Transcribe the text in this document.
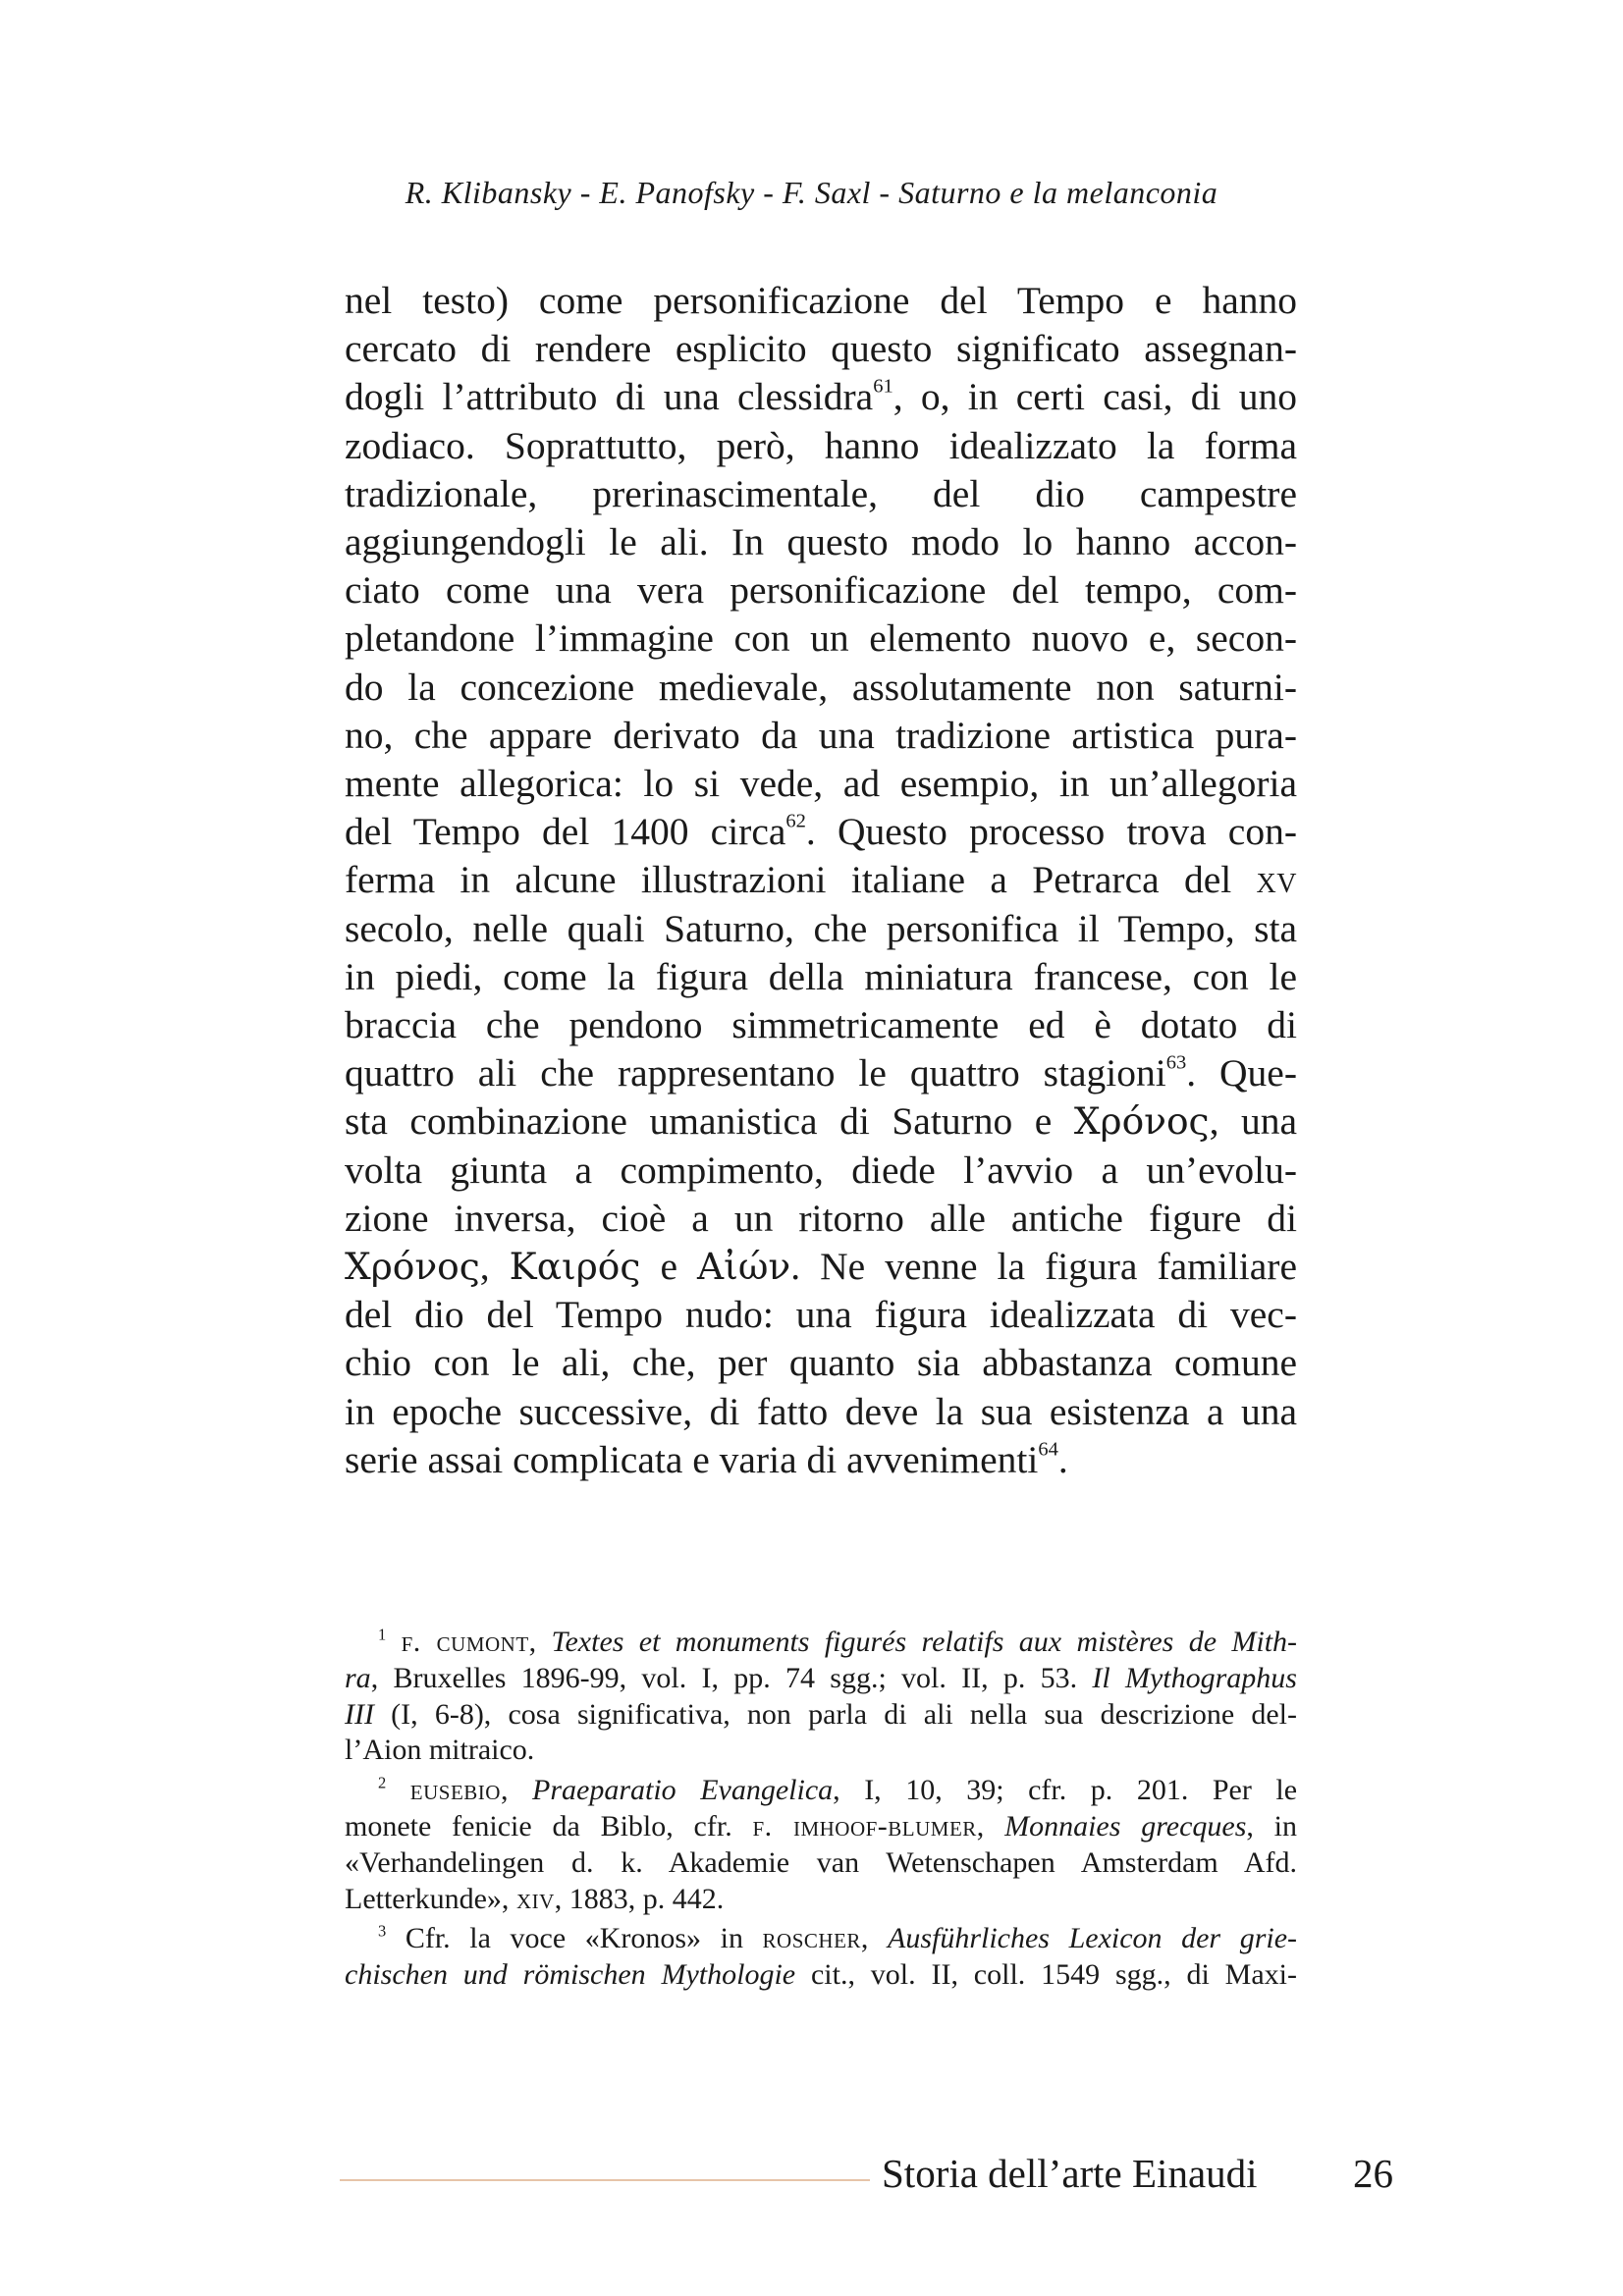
R. Klibansky - E. Panofsky - F. Saxl - Saturno e la melanconia
nel testo) come personificazione del Tempo e hanno
cercato di rendere esplicito questo significato assegnan-
dogli l’attributo di una clessidra$^{61}$, o, in certi casi, di uno
zodiaco. Soprattutto, però, hanno idealizzato la forma
tradizionale, prerinascimentale, del dio campestre
aggiungendogli le ali. In questo modo lo hanno accon-
ciato come una vera personificazione del tempo, com-
pletandone l’immagine con un elemento nuovo e, secon-
do la concezione medievale, assolutamente non saturni-
no, che appare derivato da una tradizione artistica pura-
mente allegorica: lo si vede, ad esempio, in un’allegoria
del Tempo del 1400 circa$^{62}$. Questo processo trova con-
ferma in alcune illustrazioni italiane a Petrarca del xv
secolo, nelle quali Saturno, che personifica il Tempo, sta
in piedi, come la figura della miniatura francese, con le
braccia che pendono simmetricamente ed è dotato di
quattro ali che rappresentano le quattro stagioni$^{63}$. Que-
sta combinazione umanistica di Saturno e Χρόνος, una
volta giunta a compimento, diede l’avvio a un’evolu-
zione inversa, cioè a un ritorno alle antiche figure di
Χρόνος, Καιρός e Αἰών. Ne venne la figura familiare
del dio del Tempo nudo: una figura idealizzata di vec-
chio con le ali, che, per quanto sia abbastanza comune
in epoche successive, di fatto deve la sua esistenza a una
serie assai complicata e varia di avvenimenti$^{64}$.
$^1$ f. cumont, Textes et monuments figurés relatifs aux mistères de Mith-
ra, Bruxelles 1896-99, vol. I, pp. 74 sgg.; vol. II, p. 53. Il Mythographus
III (I, 6-8), cosa significativa, non parla di ali nella sua descrizione del-
l’Aion mitraico.
$^2$ eusebio, Praeparatio Evangelica, I, 10, 39; cfr. p. 201. Per le
monete fenicie da Biblo, cfr. f. imhoof-blumer, Monnaies grecques, in
«Verhandelingen d. k. Akademie van Wetenschapen Amsterdam Afd.
Letterkunde», xiv, 1883, p. 442.
$^3$ Cfr. la voce «Kronos» in roscher, Ausführliches Lexicon der grie-
chischen und römischen Mythologie cit., vol. II, coll. 1549 sgg., di Maxi-
Storia dell’arte Einaudi 26
